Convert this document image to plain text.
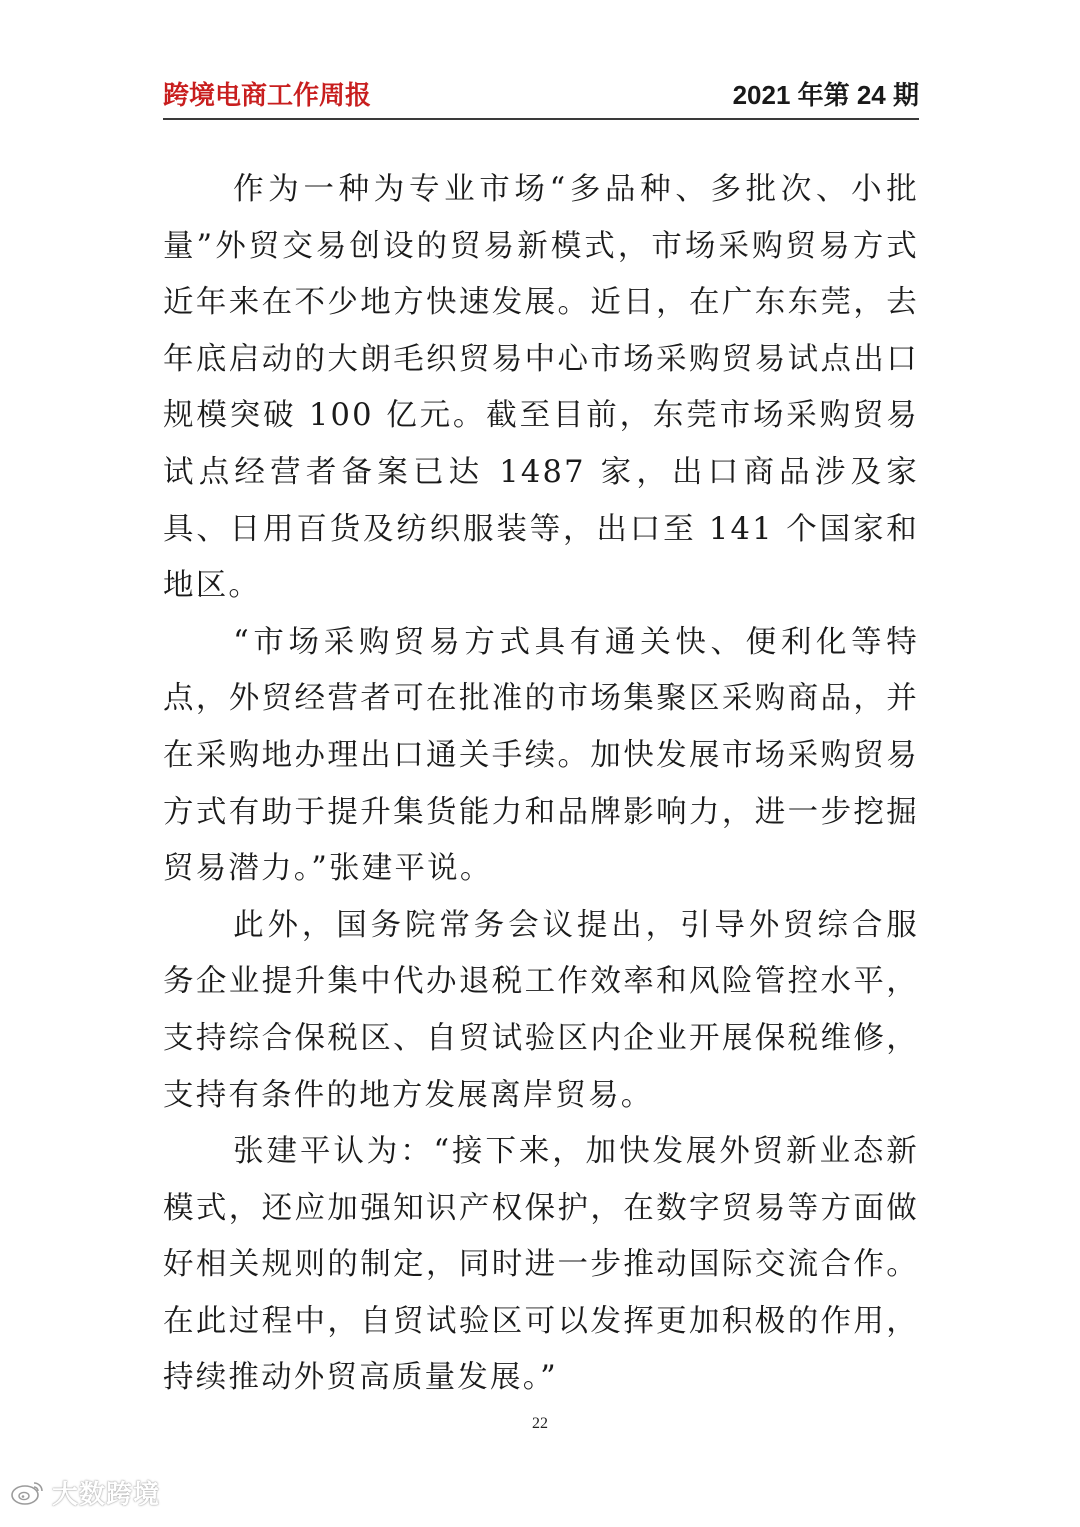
跨境电商工作周报	2021 年第 24 期

作为一种为专业市场“多品种、多批次、小批量”外贸交易创设的贸易新模式，市场采购贸易方式近年来在不少地方快速发展。近日，在广东东莞，去年底启动的大朗毛织贸易中心市场采购贸易试点出口规模突破 100 亿元。截至目前，东莞市场采购贸易试点经营者备案已达 1487 家，出口商品涉及家具、日用百货及纺织服装等，出口至 141 个国家和地区。

“市场采购贸易方式具有通关快、便利化等特点，外贸经营者可在批准的市场集聚区采购商品，并在采购地办理出口通关手续。加快发展市场采购贸易方式有助于提升集货能力和品牌影响力，进一步挖掘贸易潜力。”张建平说。

此外，国务院常务会议提出，引导外贸综合服务企业提升集中代办退税工作效率和风险管控水平，支持综合保税区、自贸试验区内企业开展保税维修，支持有条件的地方发展离岸贸易。

张建平认为：“接下来，加快发展外贸新业态新模式，还应加强知识产权保护，在数字贸易等方面做好相关规则的制定，同时进一步推动国际交流合作。在此过程中，自贸试验区可以发挥更加积极的作用，持续推动外贸高质量发展。”

22
大数跨境
